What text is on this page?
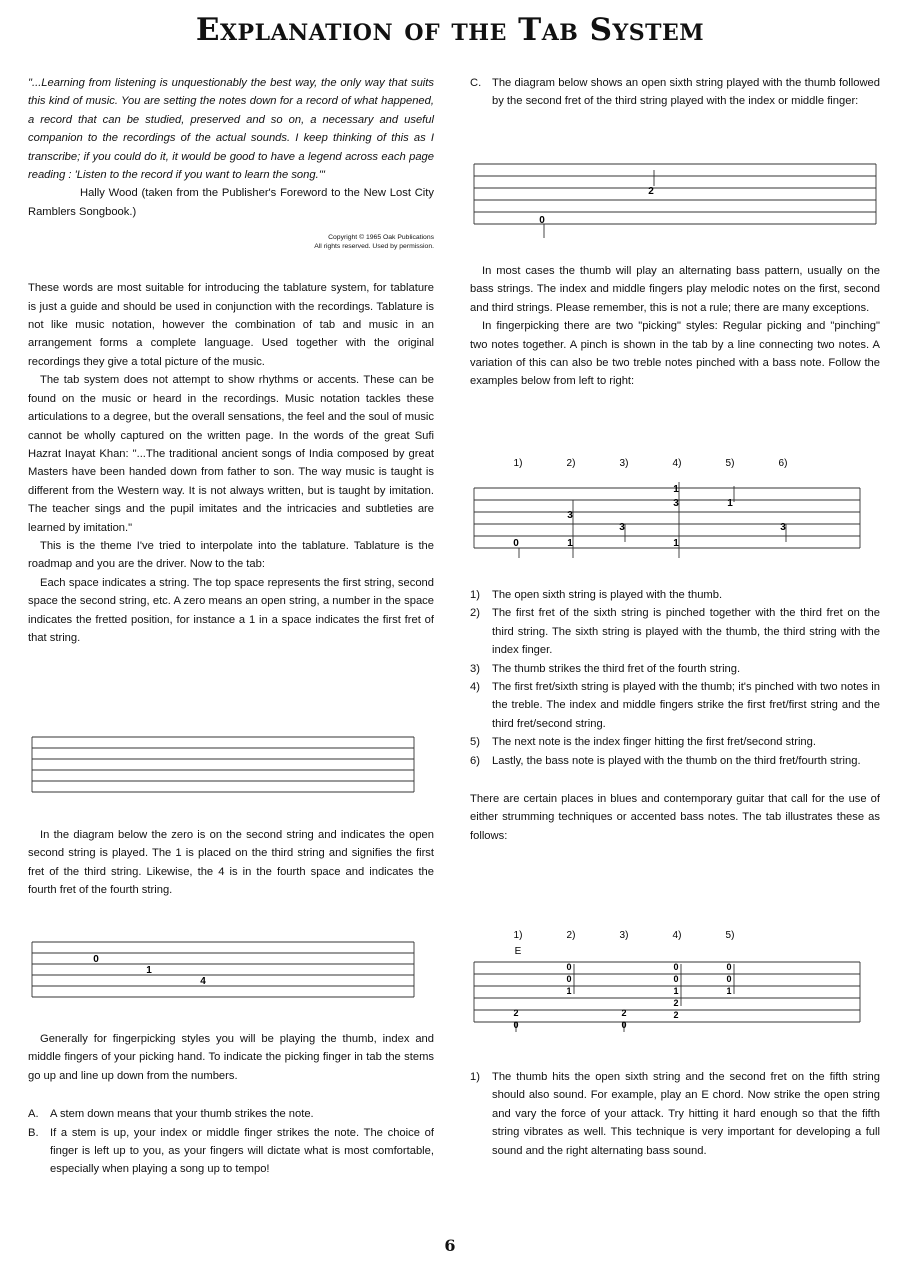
Explanation of the Tab System

"...Learning from listening is unquestionably the best way, the only way that suits this kind of music. You are setting the notes down for a record of what happened, a record that can be studied, preserved and so on, a necessary and useful companion to the recordings of the actual sounds. I keep thinking of this as I transcribe; if you could do it, it would be good to have a legend across each page reading : 'Listen to the record if you want to learn the song.'"

Hally Wood (taken from the Publisher's Foreword to the New Lost City Ramblers Songbook.)

Copyright © 1965 Oak Publications

All rights reserved. Used by permission.

These words are most suitable for introducing the tablature system, for tablature is just a guide and should be used in conjunction with the recordings. Tablature is not like music notation, however the combination of tab and music in an arrangement forms a complete language. Used together with the original recordings they give a total picture of the music.

The tab system does not attempt to show rhythms or accents. These can be found on the music or heard in the recordings. Music notation tackles these articulations to a degree, but the overall sensations, the feel and the soul of music cannot be wholly captured on the written page. In the words of the great Sufi Hazrat Inayat Khan: "...The traditional ancient songs of India composed by great Masters have been handed down from father to son. The way music is taught is different from the Western way. It is not always written, but is taught by imitation. The teacher sings and the pupil imitates and the intricacies and subtleties are learned by imitation."

This is the theme I've tried to interpolate into the tablature. Tablature is the roadmap and you are the driver. Now to the tab:

Each space indicates a string. The top space represents the first string, second space the second string, etc. A zero means an open string, a number in the space indicates the fretted position, for instance a 1 in a space indicates the first fret of that string.

In the diagram below the zero is on the second string and indicates the open second string is played. The 1 is placed on the third string and signifies the first fret of the third string. Likewise, the 4 is in the fourth space and indicates the fourth fret of the fourth string.

0
1
4

Generally for fingerpicking styles you will be playing the thumb, index and middle fingers of your picking hand. To indicate the picking finger in tab the stems go up and line up down from the numbers.

A.	A stem down means that your thumb strikes the note.
B.	If a stem is up, your index or middle finger strikes the note. The choice of finger is left up to you, as your fingers will dictate what is most comfortable, especially when playing a song up to tempo!
C. The diagram below shows an open sixth string played with the thumb followed by the second fret of the third string played with the index or middle finger:
0
2

In most cases the thumb will play an alternating bass pattern, usually on the bass strings. The index and middle fingers play melodic notes on the first, second and third strings. Please remember, this is not a rule; there are many exceptions.

In fingerpicking there are two "picking" styles: Regular picking and "pinching" two notes together. A pinch is shown in the tab by a line connecting two notes. A variation of this can also be two treble notes pinched with a bass note. Follow the examples below from left to right:

1)	2)	3)	4)	5)	6)
0	1
3
3
1
1
3	1
3
1)	The open sixth string is played with the thumb.
2)	The first fret of the sixth string is pinched together with the third fret on the third string. The sixth string is played with the thumb, the third string with the index finger.
3)	The thumb strikes the third fret of the fourth string.
4)	The first fret/sixth string is played with the thumb; it's pinched with two notes in the treble. The index and middle fingers strike the first fret/first string and the third fret/second string.
5)	The next note is the index finger hitting the first fret/second string.
6)	Lastly, the bass note is played with the thumb on the third fret/fourth string.

There are certain places in blues and contemporary guitar that call for the use of either strumming techniques or accented bass notes. The tab illustrates these as follows:

1)	2)	3)	4)	5)
E
2
0
0
0
1
2
0
0
0
1
2
2
0
0
1
1)	The thumb hits the open sixth string and the second fret on the fifth string should also sound. For example, play an E chord. Now strike the open string and vary the force of your attack. Try hitting it hard enough so that the fifth string vibrates as well. This technique is very important for developing a full sound and the right alternating bass sound.
6
